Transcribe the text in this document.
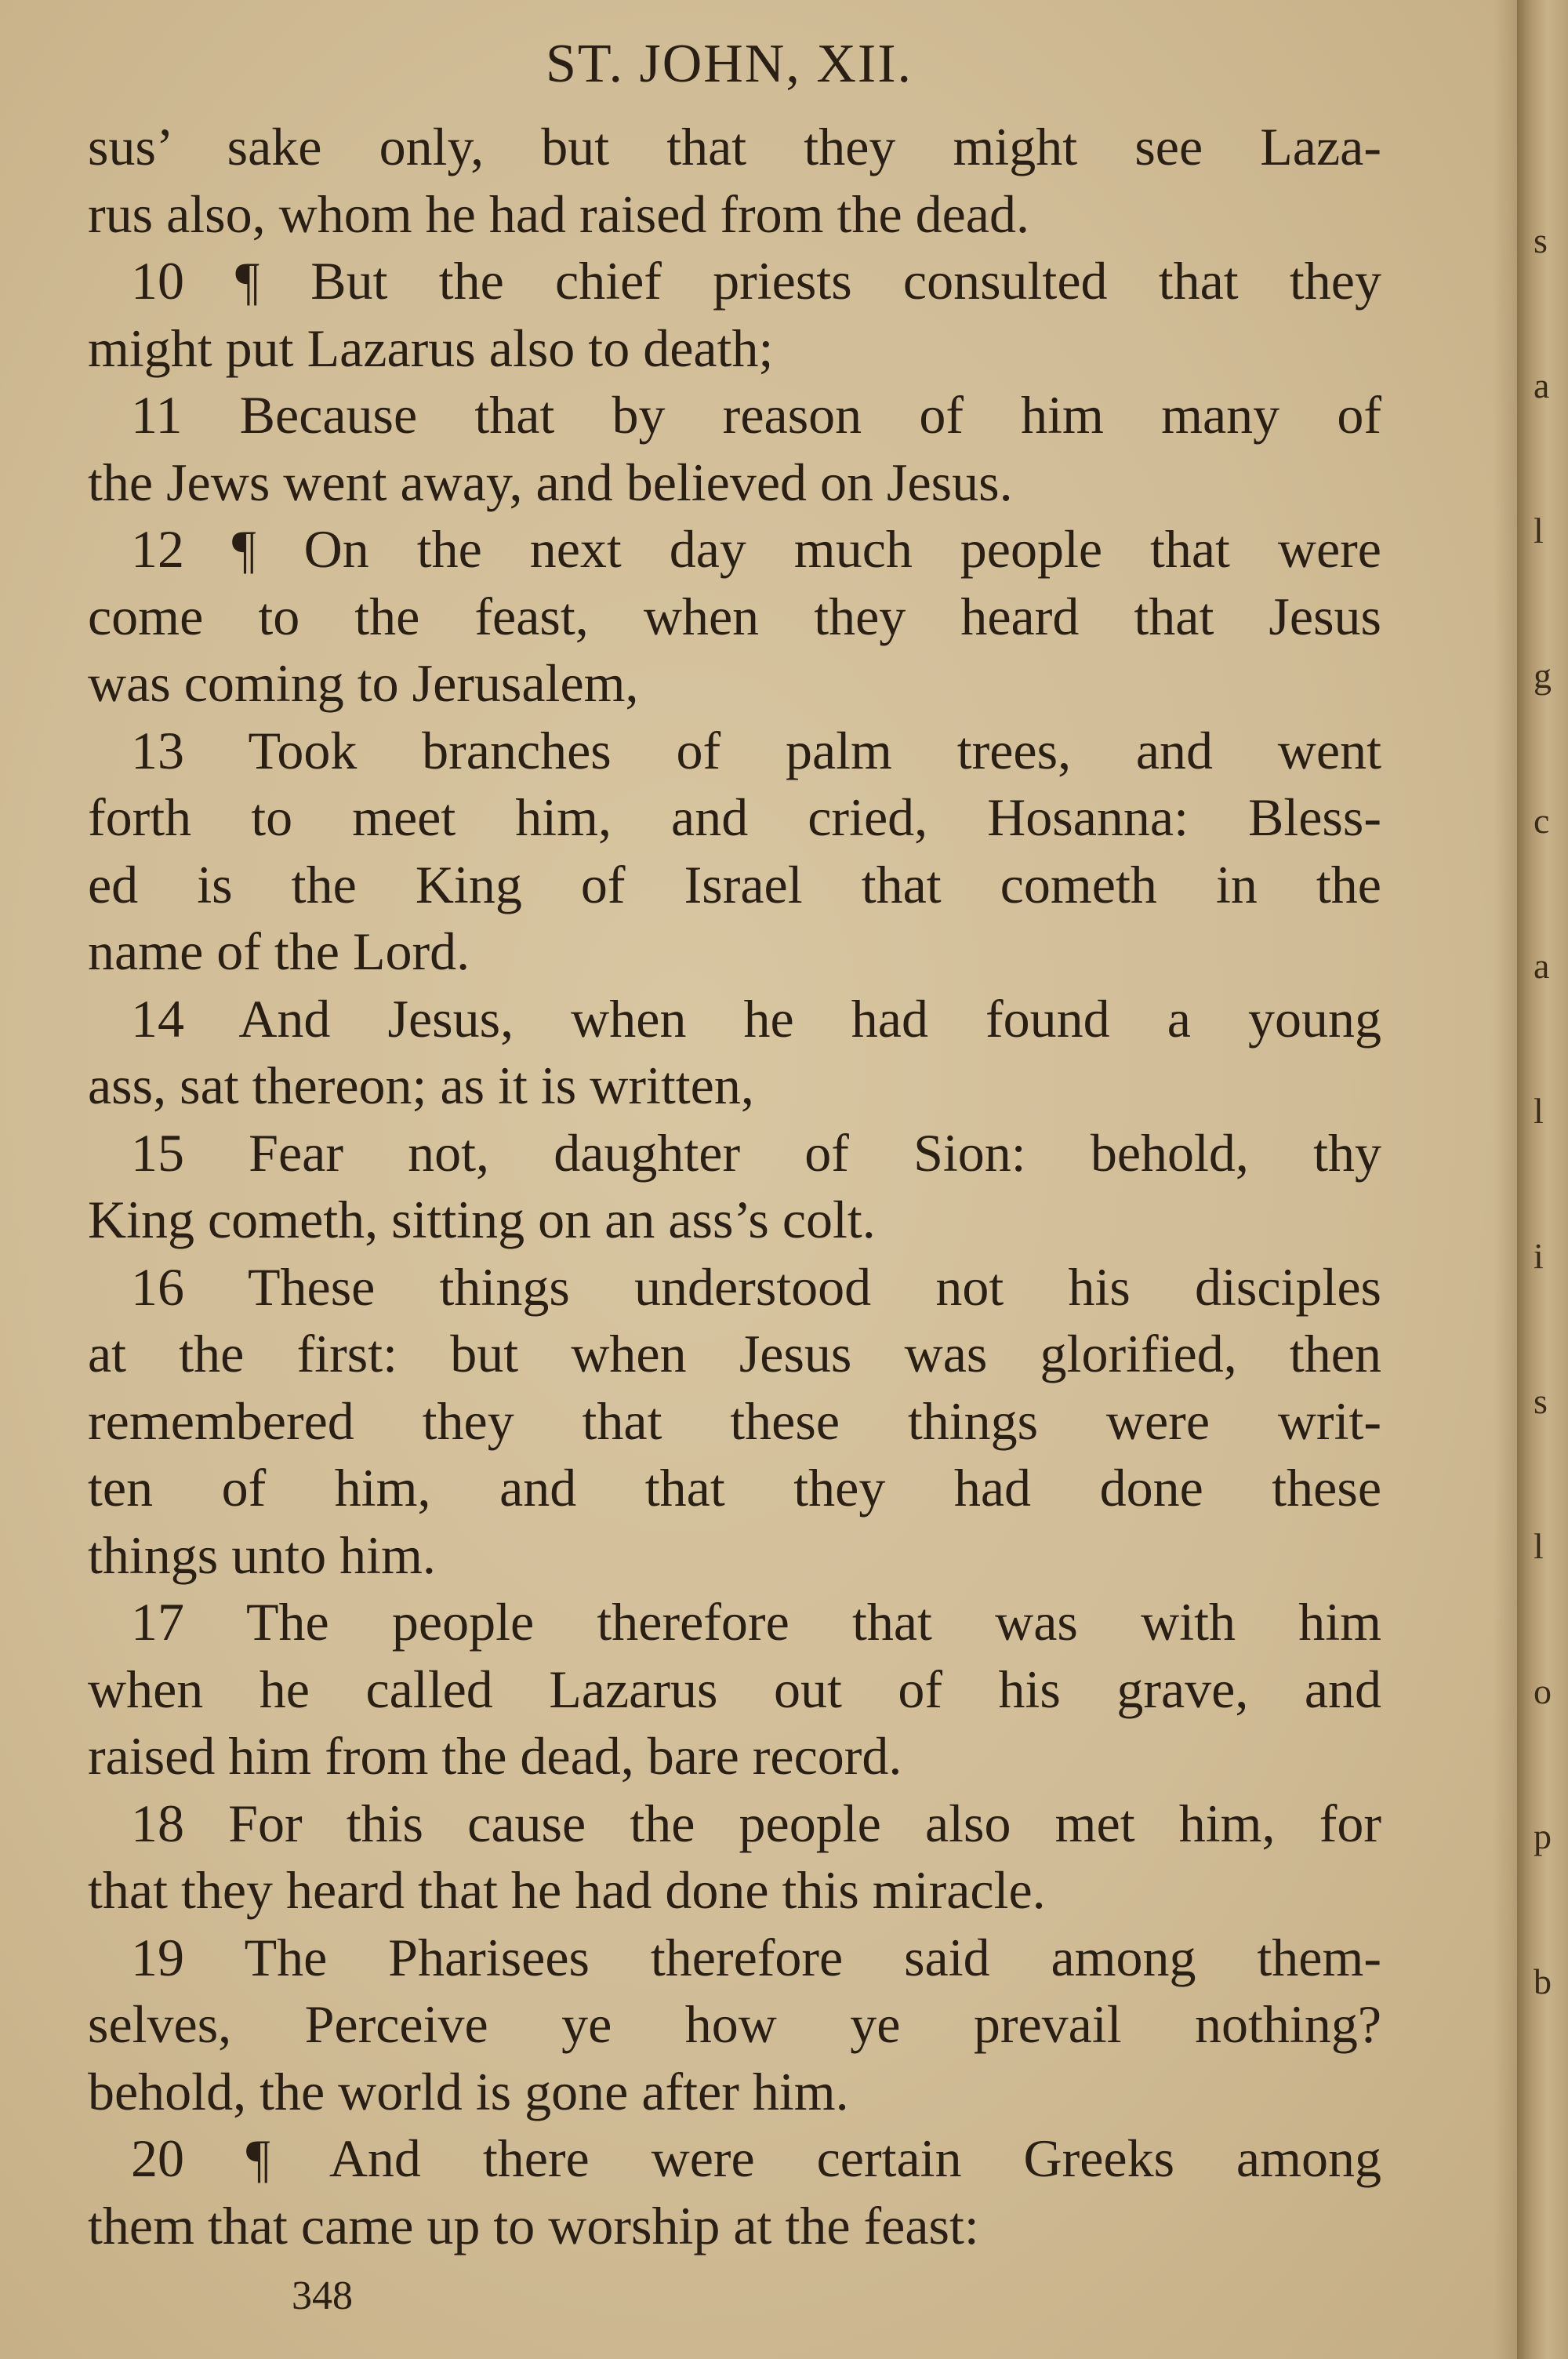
ST. JOHN, XII.
sus’ sake only, but that they might see Laza-
rus also, whom he had raised from the dead.
10 ¶ But the chief priests consulted that they
might put Lazarus also to death;
11 Because that by reason of him many of
the Jews went away, and believed on Jesus.
12 ¶ On the next day much people that were
come to the feast, when they heard that Jesus
was coming to Jerusalem,
13 Took branches of palm trees, and went
forth to meet him, and cried, Hosanna: Bless-
ed is the King of Israel that cometh in the
name of the Lord.
14 And Jesus, when he had found a young
ass, sat thereon; as it is written,
15 Fear not, daughter of Sion: behold, thy
King cometh, sitting on an ass’s colt.
16 These things understood not his disciples
at the first: but when Jesus was glorified, then
remembered they that these things were writ-
ten of him, and that they had done these
things unto him.
17 The people therefore that was with him
when he called Lazarus out of his grave, and
raised him from the dead, bare record.
18 For this cause the people also met him, for
that they heard that he had done this miracle.
19 The Pharisees therefore said among them-
selves, Perceive ye how ye prevail nothing?
behold, the world is gone after him.
20 ¶ And there were certain Greeks among
them that came up to worship at the feast:
348
s
a
l
g
c
a
l
i
s
l
o
p
b
